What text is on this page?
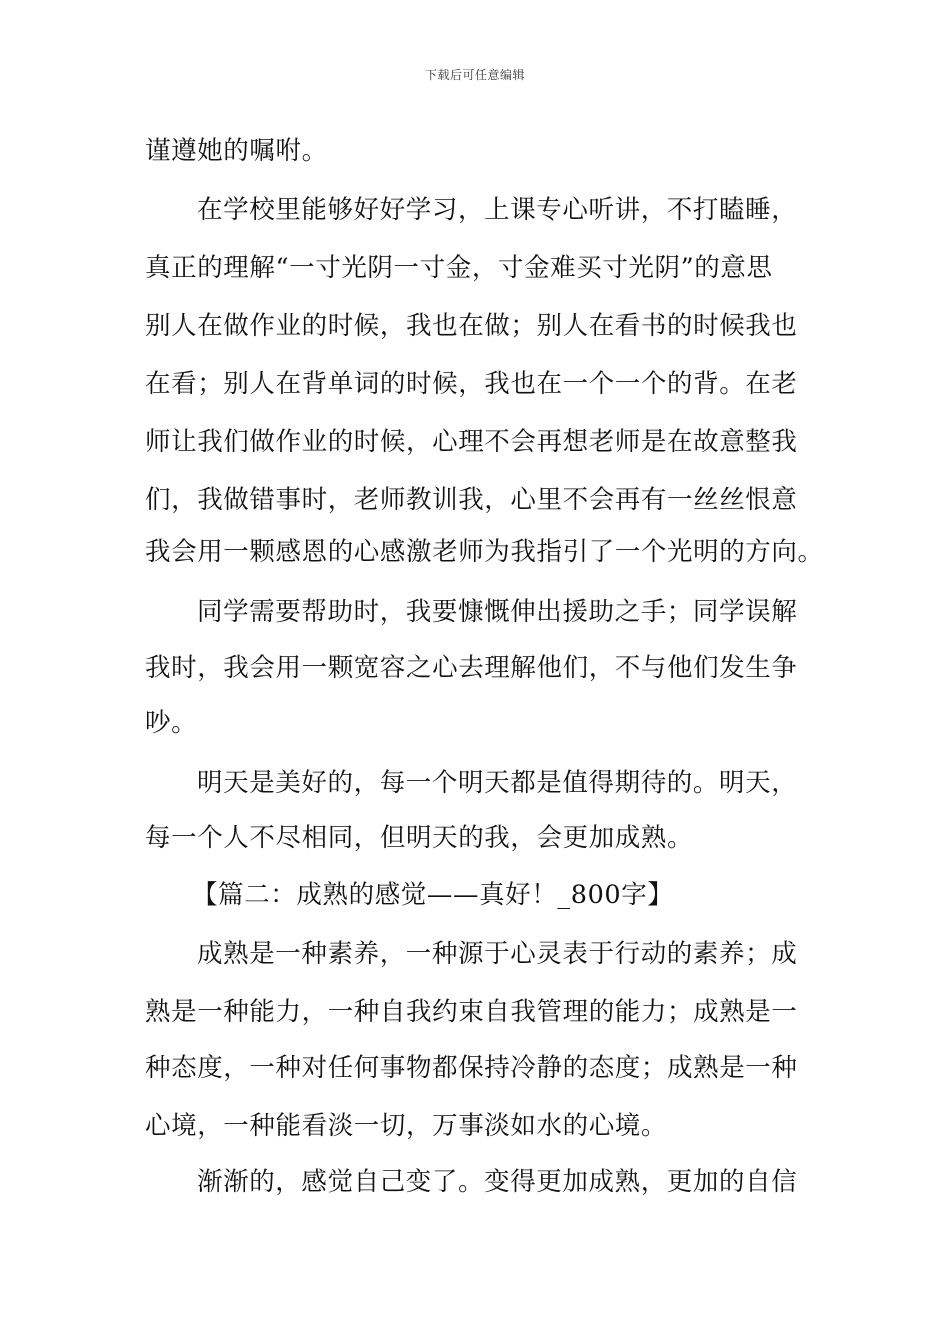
下载后可任意编辑
谨遵她的嘱咐。
在学校里能够好好学习，上课专心听讲，不打瞌睡，
真正的理解“一寸光阴一寸金，寸金难买寸光阴”的意思
别人在做作业的时候，我也在做；别人在看书的时候我也
在看；别人在背单词的时候，我也在一个一个的背。在老
师让我们做作业的时候，心理不会再想老师是在故意整我
们，我做错事时，老师教训我，心里不会再有一丝丝恨意
我会用一颗感恩的心感激老师为我指引了一个光明的方向。
同学需要帮助时，我要慷慨伸出援助之手；同学误解
我时，我会用一颗宽容之心去理解他们，不与他们发生争
吵。
明天是美好的，每一个明天都是值得期待的。明天，
每一个人不尽相同，但明天的我，会更加成熟。
【篇二：成熟的感觉——真好！_800字】
成熟是一种素养，一种源于心灵表于行动的素养；成
熟是一种能力，一种自我约束自我管理的能力；成熟是一
种态度，一种对任何事物都保持冷静的态度；成熟是一种
心境，一种能看淡一切，万事淡如水的心境。
渐渐的，感觉自己变了。变得更加成熟，更加的自信
